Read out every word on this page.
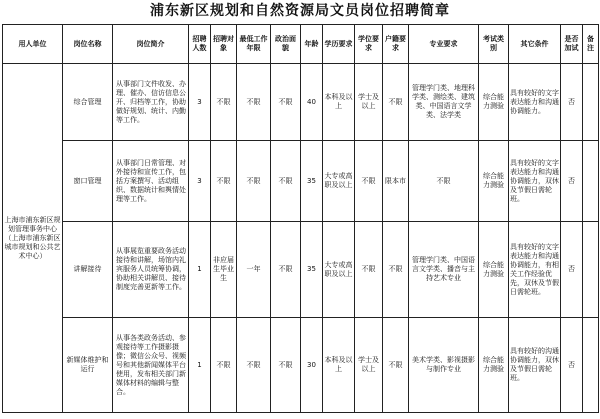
浦东新区规划和自然资源局文员岗位招聘简章
用人单位	岗位名称	岗位简介	招聘人数	招聘对象	最低工作年限	政治面貌	年龄	学历要求	学位要求	户籍要求	专业要求	考试类别	其它条件	是否加试	备注
上海市浦东新区规划管理事务中心（上海市浦东新区城市规划和公共艺术中心）	综合管理	从事部门文件收发、办理、催办、信访信息公开、归档等工作，协助做好规划、统计、内勤等工作。	3	不限	不限	不限	40	本科及以上	学士及以上	不限	管理学门类、地理科学类、测绘类、建筑类、中国语言文学类、法学类	综合能力测验	具有较好的文字表达能力和沟通协调能力。	否	
	窗口管理	从事部门日常管理、对外接待和宣传工作，包括方案撰写、活动组织、数据统计和舆情处理等工作。	3	不限	不限	不限	35	大专或高职及以上	不限	限本市	不限	综合能力测验	具有较好的文字表达能力和沟通协调能力，双休及节假日需轮班。	否	
	讲解接待	从事展览重要政务活动接待和讲解，场馆内礼宾服务人员统筹协调，协助相关讲解员、接待制度完善更新等工作。	1	非应届生毕业生	一年	不限	35	大专或高职及以上	不限	不限	管理学门类、中国语言文学类、播音与主持艺术专业	综合能力测验	具有较好的文字表达能力和沟通协调能力，有相关工作经验优先，双休及节假日需轮班。	否	
	新媒体维护和运行	从事各类政务活动、参观接待等工作摄影摄像；微信公众号、视频号和其他新闻媒体平台使用，发布相关部门新媒体材料的编辑与整合。	1	不限	不限	不限	30	本科及以上	学士及以上	不限	美术学类、影视摄影与制作专业	综合能力测验	具有较好的沟通协调能力，双休及节假日需轮班。	否	
